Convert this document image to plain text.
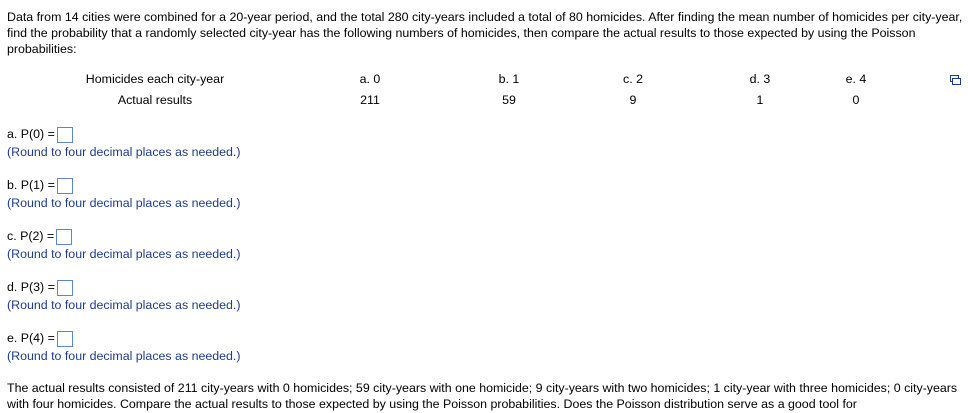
Data from 14 cities were combined for a 20-year period, and the total 280 city-years included a total of 80 homicides. After finding the mean number of homicides per city-year, find the probability that a randomly selected city-year has the following numbers of homicides, then compare the actual results to those expected by using the Poisson probabilities:

Homicides each city-year	a. 0	b. 1	c. 2	d. 3	e. 4
Actual results	211	59	9	1	0
a. P(0) =
(Round to four decimal places as needed.)
b. P(1) =
(Round to four decimal places as needed.)
c. P(2) =
(Round to four decimal places as needed.)
d. P(3) =
(Round to four decimal places as needed.)
e. P(4) =
(Round to four decimal places as needed.)

The actual results consisted of 211 city-years with 0 homicides; 59 city-years with one homicide; 9 city-years with two homicides; 1 city-year with three homicides; 0 city-years with four homicides. Compare the actual results to those expected by using the Poisson probabilities. Does the Poisson distribution serve as a good tool for
